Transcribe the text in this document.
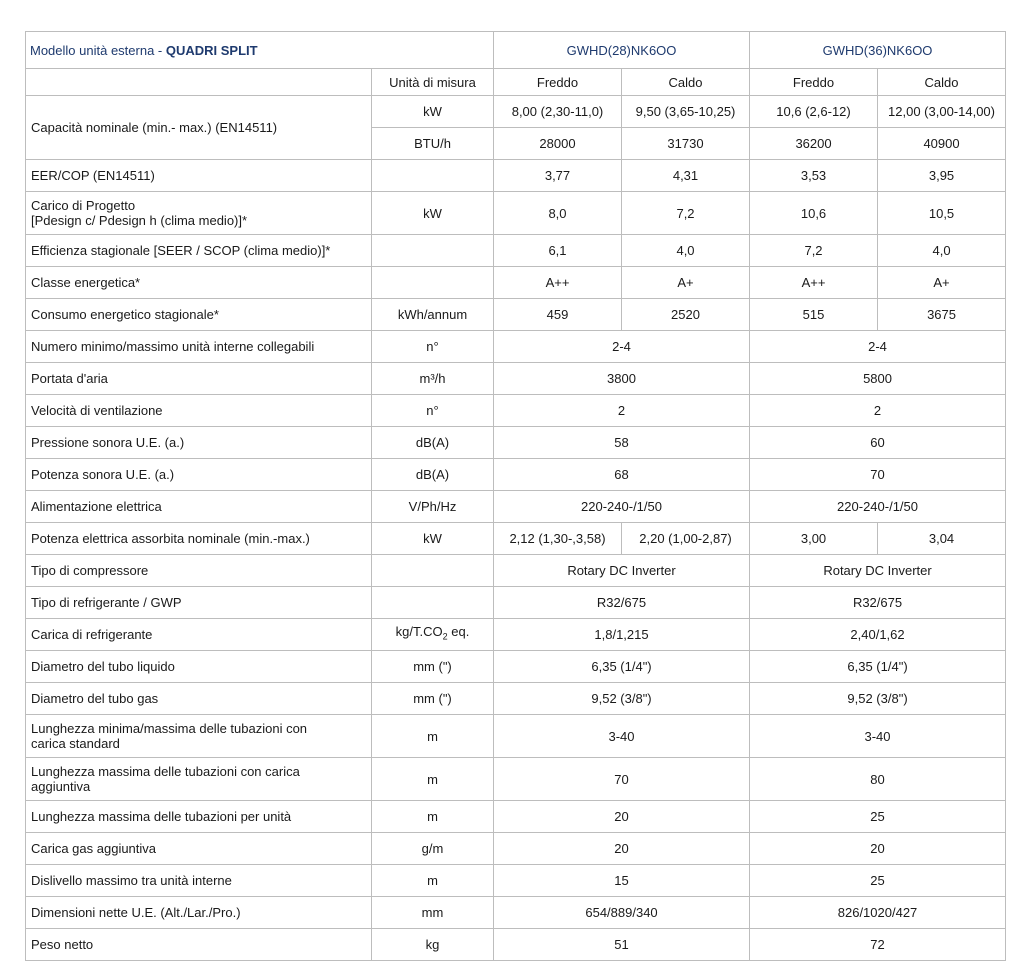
Modello unità esterna - QUADRI SPLIT		GWHD(28)NK6OO		GWHD(36)NK6OO	
	Unità di misura	Freddo	Caldo	Freddo	Caldo
Capacità nominale (min.- max.) (EN14511)	kW	8,00 (2,30-11,0)	9,50 (3,65-10,25)	10,6 (2,6-12)	12,00 (3,00-14,00)
	BTU/h	28000	31730	36200	40900
EER/COP (EN14511)		3,77	4,31	3,53	3,95
Carico di Progetto
[Pdesign c/ Pdesign h (clima medio)]*	kW	8,0	7,2	10,6	10,5
Efficienza stagionale [SEER / SCOP (clima medio)]*		6,1	4,0	7,2	4,0
Classe energetica*		A++	A+	A++	A+
Consumo energetico stagionale*	kWh/annum	459	2520	515	3675
Numero minimo/massimo unità interne collegabili	n°	2-4		2-4	
Portata d'aria	m³/h	3800		5800	
Velocità di ventilazione	n°	2		2	
Pressione sonora U.E. (a.)	dB(A)	58		60	
Potenza sonora U.E. (a.)	dB(A)	68		70	
Alimentazione elettrica	V/Ph/Hz	220-240-/1/50		220-240-/1/50	
Potenza elettrica assorbita nominale (min.-max.)	kW	2,12 (1,30-,3,58)	2,20 (1,00-2,87)	3,00	3,04
Tipo di compressore		Rotary DC Inverter		Rotary DC Inverter	
Tipo di refrigerante / GWP		R32/675		R32/675	
Carica di refrigerante	$kg/T.CO_2$ eq.	1,8/1,215		2,40/1,62	
Diametro del tubo liquido	mm (")	6,35 (1/4")		6,35 (1/4")	
Diametro del tubo gas	mm (")	9,52 (3/8")		9,52 (3/8")	
Lunghezza minima/massima delle tubazioni con
carica standard	m	3-40		3-40	
Lunghezza massima delle tubazioni con carica
aggiuntiva	m	70		80	
Lunghezza massima delle tubazioni per unità	m	20		25	
Carica gas aggiuntiva	g/m	20		20	
Dislivello massimo tra unità interne	m	15		25	
Dimensioni nette U.E. (Alt./Lar./Pro.)	mm	654/889/340		826/1020/427	
Peso netto	kg	51		72	
